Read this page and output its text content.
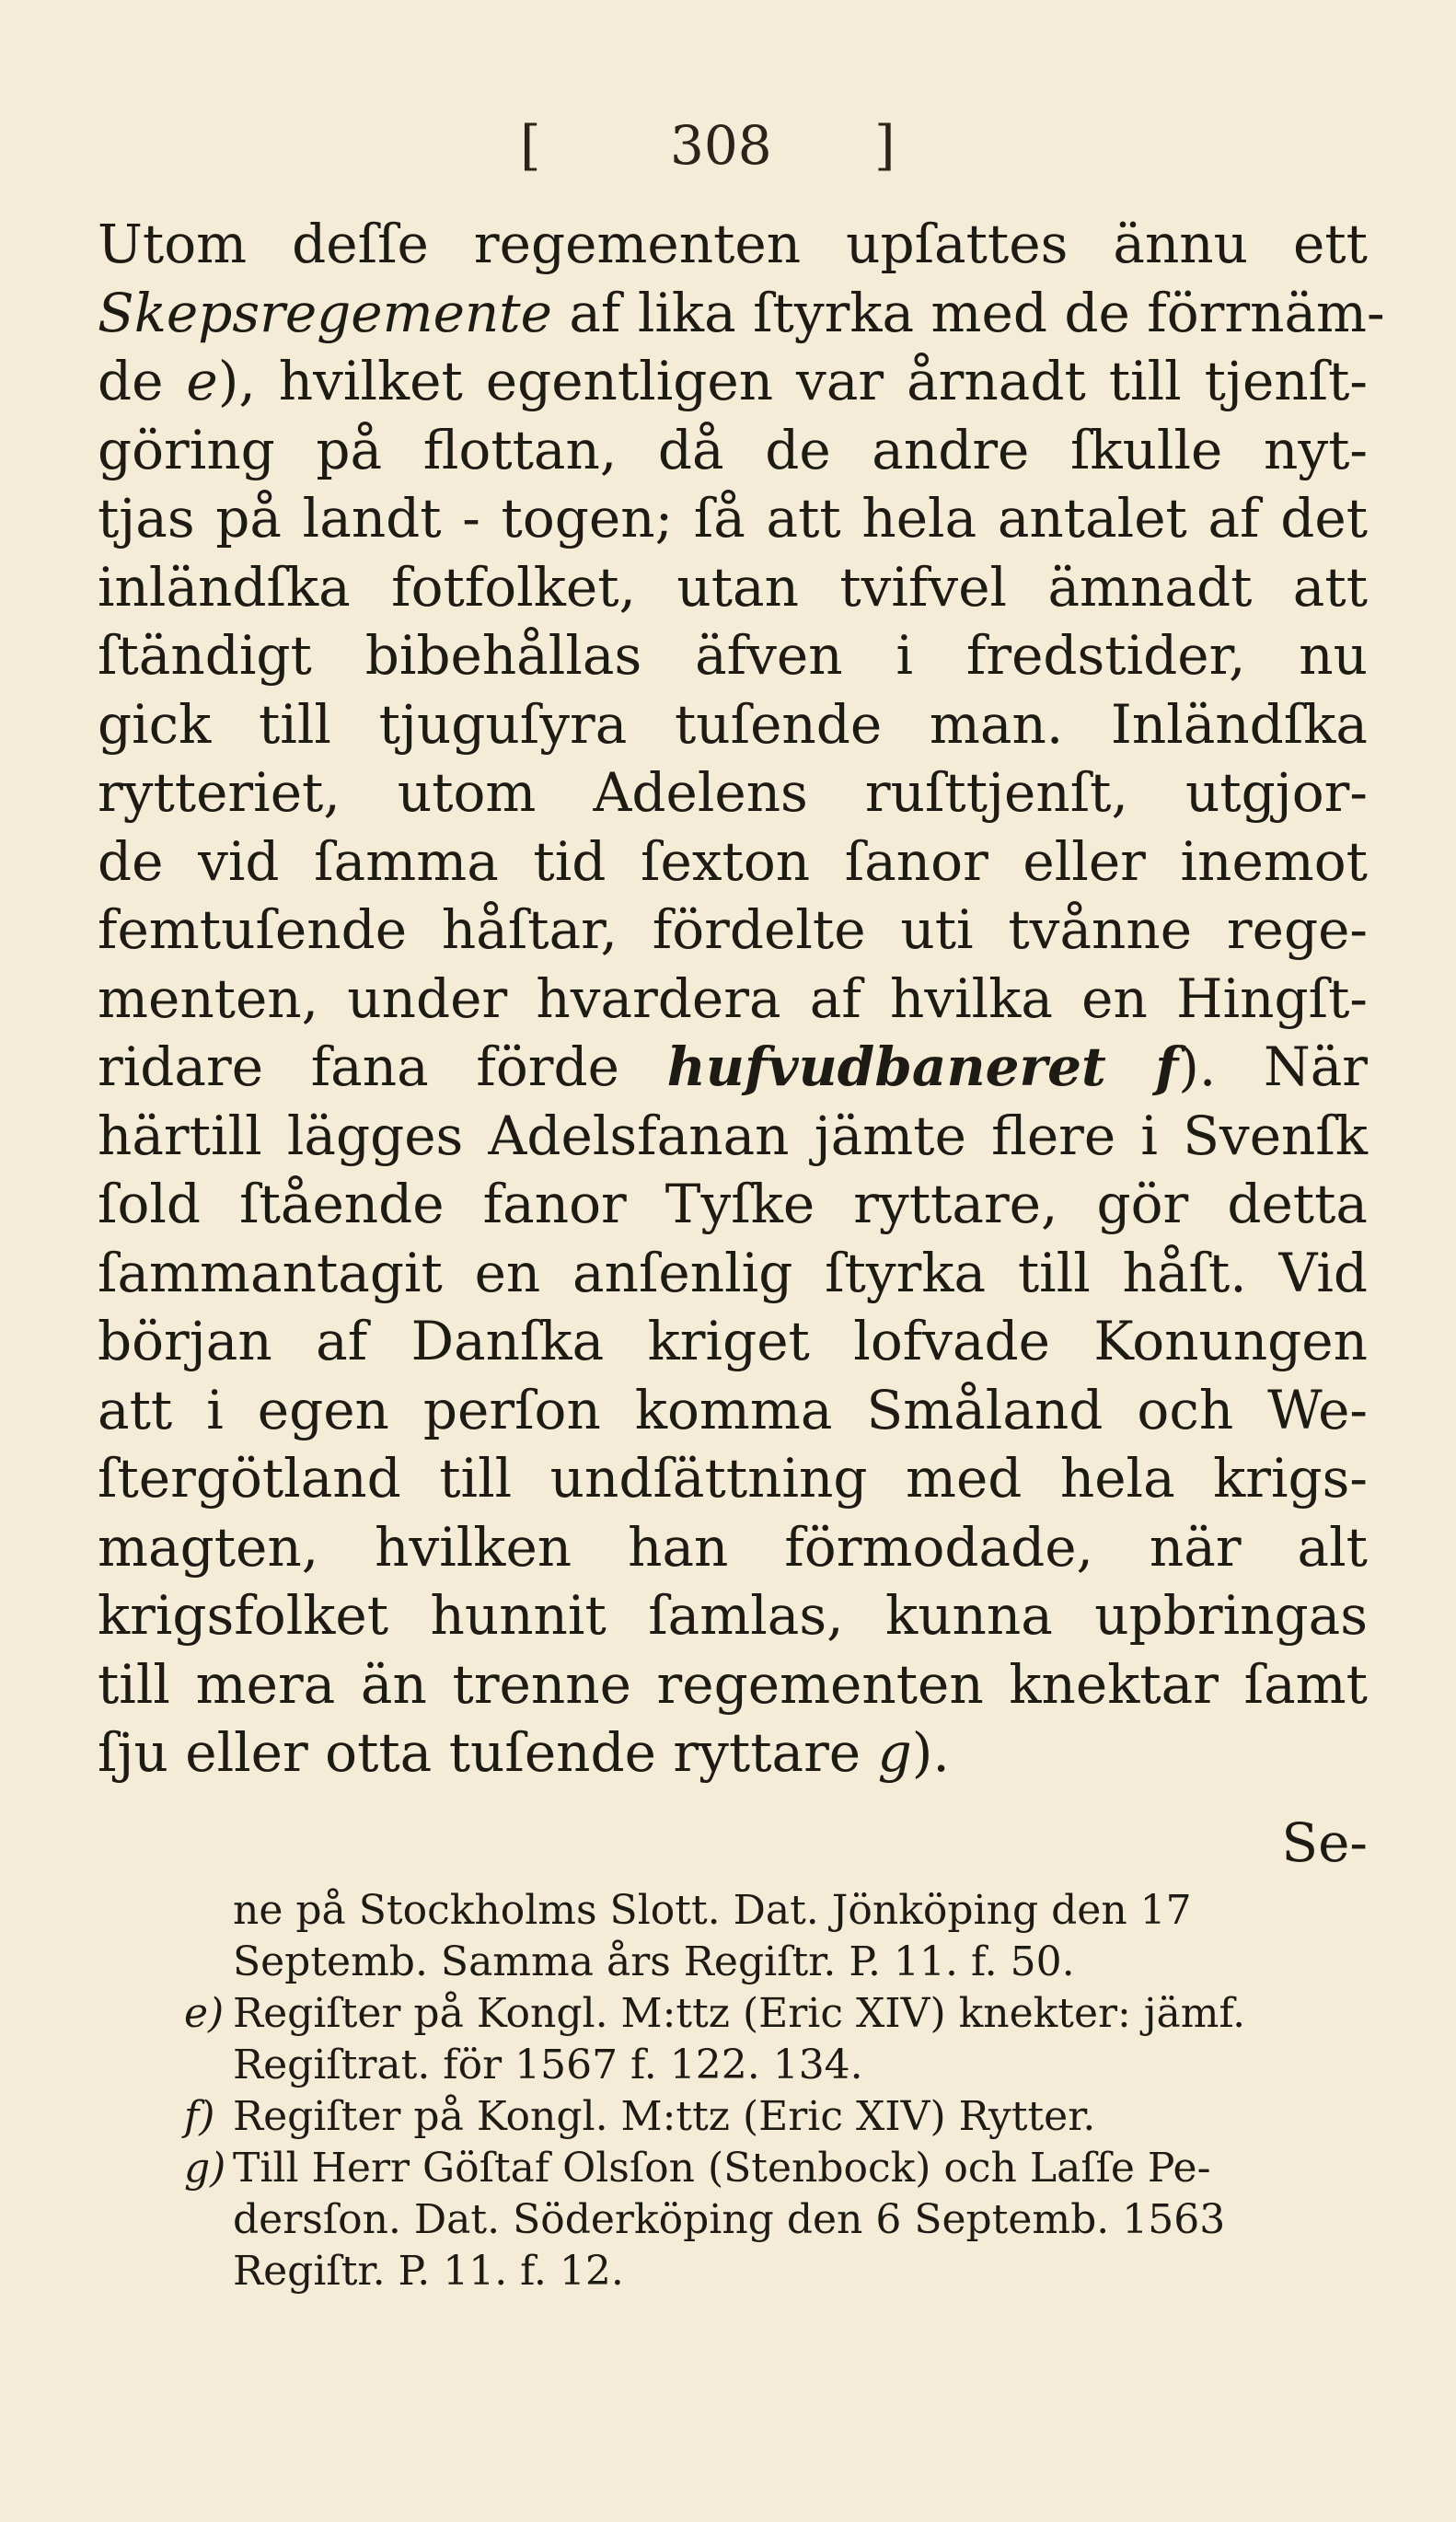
[ 308 ]
Utom deſſe regementen upſattes ännu ett
Skepsregemente af lika ſtyrka med de förrnäm-
de e), hvilket egentligen var årnadt till tjenſt-
göring på flottan, då de andre ſkulle nyt-
tjas på landt - togen; ſå att hela antalet af det
inländſka fotfolket, utan tvifvel ämnadt att
ſtändigt bibehållas äfven i fredstider, nu
gick till tjuguſyra tuſende man. Inländſka
rytteriet, utom Adelens ruſttjenſt, utgjor-
de vid ſamma tid ſexton ſanor eller inemot
femtuſende håſtar, fördelte uti tvånne rege-
menten, under hvardera af hvilka en Hingſt-
ridare fana förde hufvudbaneret f). När
härtill lägges Adelsfanan jämte flere i Svenſk
ſold ſtående fanor Tyſke ryttare, gör detta
ſammantagit en anſenlig ſtyrka till håſt. Vid
början af Danſka kriget lofvade Konungen
att i egen perſon komma Småland och We-
ſtergötland till undſättning med hela krigs-
magten, hvilken han förmodade, när alt
krigsfolket hunnit ſamlas, kunna upbringas
till mera än trenne regementen knektar ſamt
ſju eller otta tuſende ryttare g).
Se-
ne på Stockholms Slott. Dat. Jönköping den 17
Septemb. Samma års Regiſtr. P. 11. f. 50.
e) Regiſter på Kongl. M:ttz (Eric XIV) knekter: jämf.
Regiſtrat. för 1567 f. 122. 134.
f) Regiſter på Kongl. M:ttz (Eric XIV) Rytter.
g) Till Herr Göſtaf Olsſon (Stenbock) och Laſſe Pe-
dersſon. Dat. Söderköping den 6 Septemb. 1563
Regiſtr. P. 11. f. 12.
